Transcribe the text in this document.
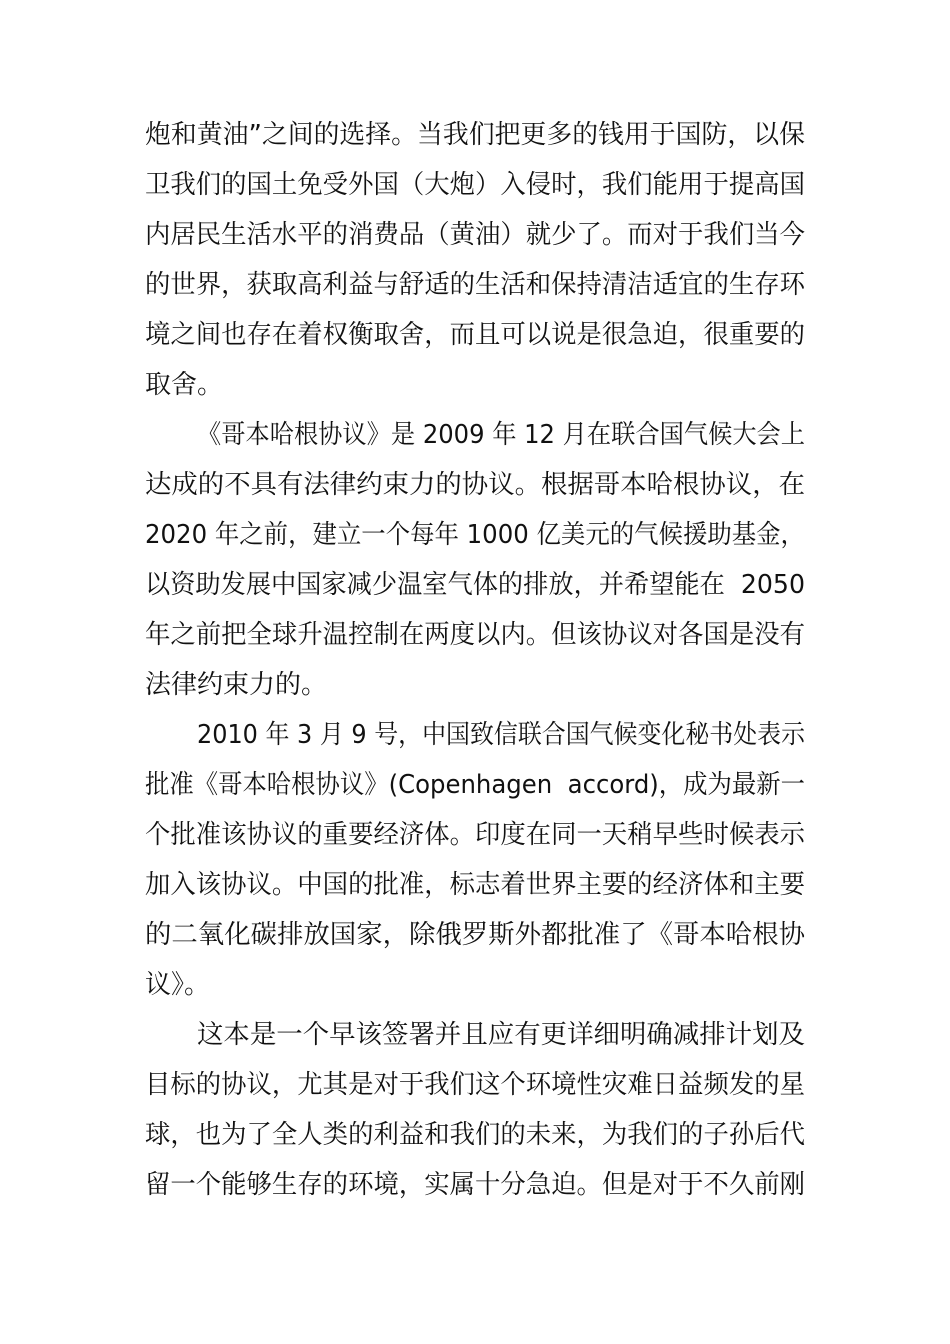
炮和黄油”之间的选择。当我们把更多的钱用于国防，以保

卫我们的国土免受外国（大炮）入侵时，我们能用于提高国

内居民生活水平的消费品（黄油）就少了。而对于我们当今

的世界，获取高利益与舒适的生活和保持清洁适宜的生存环

境之间也存在着权衡取舍，而且可以说是很急迫，很重要的

取舍。

《哥本哈根协议》是 2009 年 12 月在联合国气候大会上

达成的不具有法律约束力的协议。根据哥本哈根协议，在

2020 年之前，建立一个每年 1000 亿美元的气候援助基金，

以资助发展中国家减少温室气体的排放，并希望能在  2050

年之前把全球升温控制在两度以内。但该协议对各国是没有

法律约束力的。

2010 年 3 月 9 号，中国致信联合国气候变化秘书处表示

批准《哥本哈根协议》(Copenhagen  accord)，成为最新一

个批准该协议的重要经济体。印度在同一天稍早些时候表示

加入该协议。中国的批准，标志着世界主要的经济体和主要

的二氧化碳排放国家，除俄罗斯外都批准了《哥本哈根协

议》。

这本是一个早该签署并且应有更详细明确减排计划及

目标的协议，尤其是对于我们这个环境性灾难日益频发的星

球，也为了全人类的利益和我们的未来，为我们的子孙后代

留一个能够生存的环境，实属十分急迫。但是对于不久前刚
